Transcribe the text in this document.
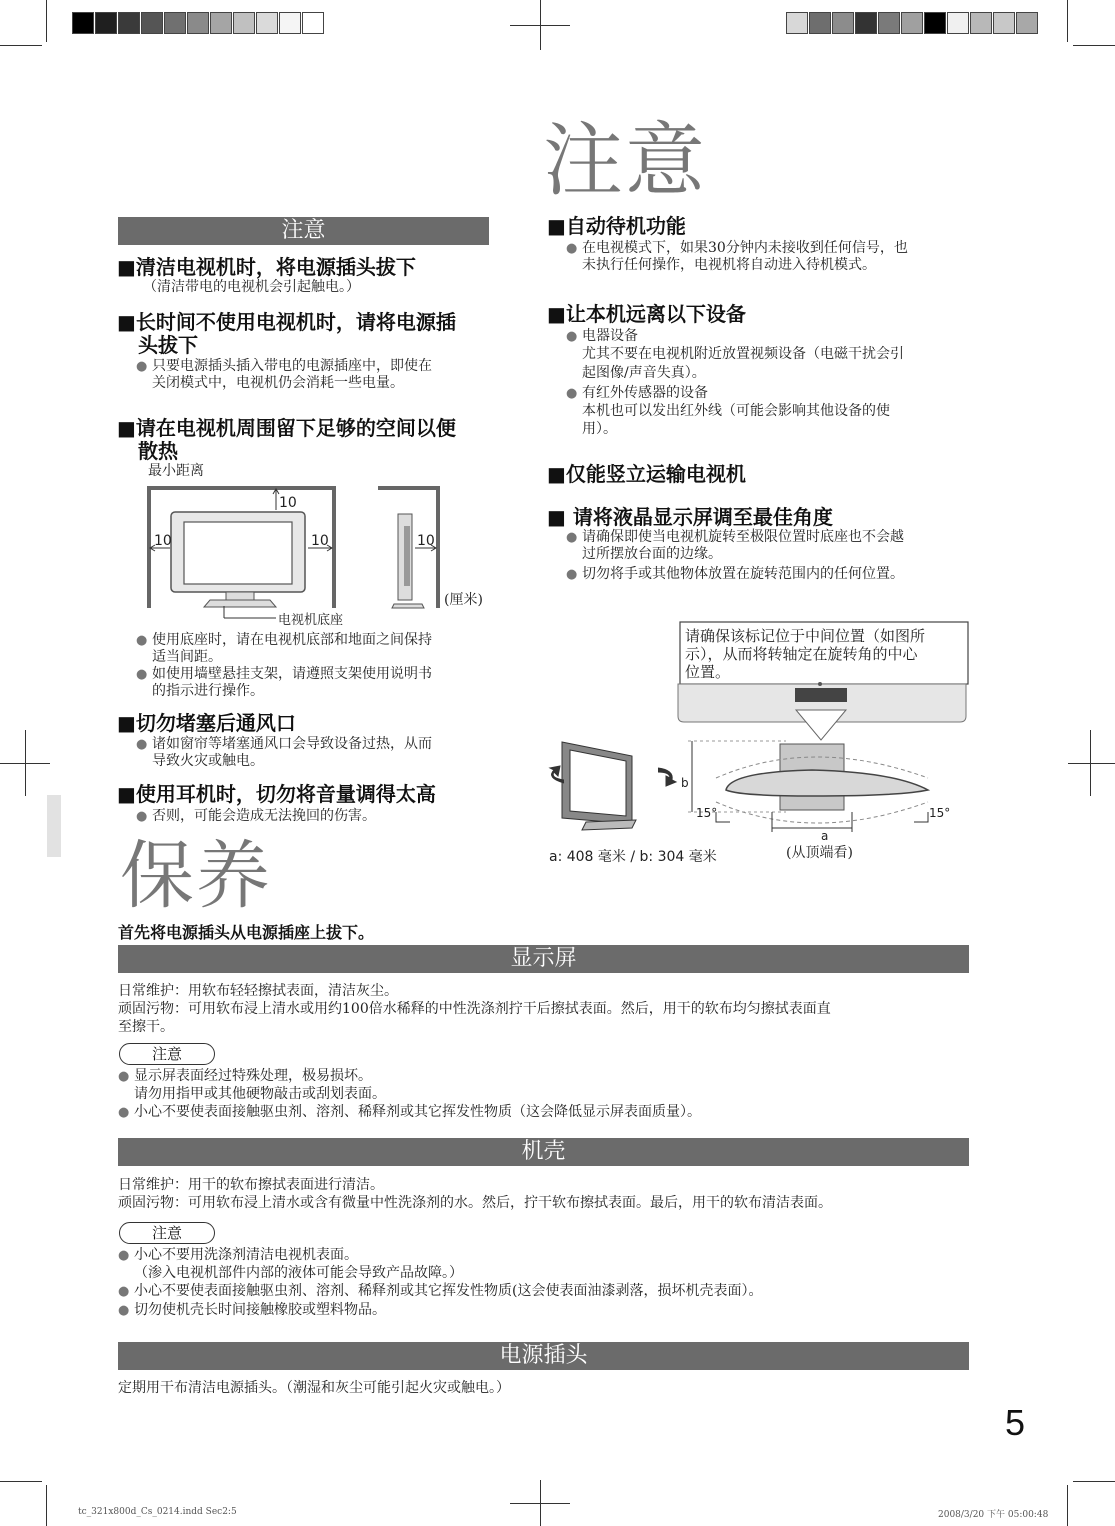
注意
注意
■清洁电视机时，将电源插头拔下
（清洁带电的电视机会引起触电。）
■长时间不使用电视机时，请将电源插
头拔下
● 只要电源插头插入带电的电源插座中，即使在
关闭模式中，电视机仍会消耗一些电量。
■请在电视机周围留下足够的空间以便
散热
最小距离
10
10	10	10
(厘米)
电视机底座
● 使用底座时，请在电视机底部和地面之间保持
适当间距。
● 如使用墙壁悬挂支架，请遵照支架使用说明书
的指示进行操作。
■切勿堵塞后通风口
● 诸如窗帘等堵塞通风口会导致设备过热，从而
导致火灾或触电。
■使用耳机时，切勿将音量调得太高
● 否则，可能会造成无法挽回的伤害。
■自动待机功能
● 在电视模式下，如果30分钟内未接收到任何信号，也
未执行任何操作，电视机将自动进入待机模式。
■让本机远离以下设备
● 电器设备
尤其不要在电视机附近放置视频设备（电磁干扰会引
起图像/声音失真）。
● 有红外传感器的设备
本机也可以发出红外线（可能会影响其他设备的使
用）。
■仅能竖立运输电视机
■ 请将液晶显示屏调至最佳角度
● 请确保即使当电视机旋转至极限位置时底座也不会越
过所摆放台面的边缘。
● 切勿将手或其他物体放置在旋转范围内的任何位置。
请确保该标记位于中间位置（如图所
示），从而将转轴定在旋转角的中心
位置。
15°	15°
a
b
a: 408 毫米 / b: 304 毫米	(从顶端看)
保养
首先将电源插头从电源插座上拔下。
显示屏
日常维护：用软布轻轻擦拭表面，清洁灰尘。
顽固污物：可用软布浸上清水或用约100倍水稀释的中性洗涤剂拧干后擦拭表面。然后，用干的软布均匀擦拭表面直
至擦干。
注意
● 显示屏表面经过特殊处理，极易损坏。
请勿用指甲或其他硬物敲击或刮划表面。
● 小心不要使表面接触驱虫剂、溶剂、稀释剂或其它挥发性物质（这会降低显示屏表面质量）。
机壳
日常维护：用干的软布擦拭表面进行清洁。
顽固污物：可用软布浸上清水或含有微量中性洗涤剂的水。然后，拧干软布擦拭表面。最后，用干的软布清洁表面。
注意
● 小心不要用洗涤剂清洁电视机表面。
（渗入电视机部件内部的液体可能会导致产品故障。）
● 小心不要使表面接触驱虫剂、溶剂、稀释剂或其它挥发性物质(这会使表面油漆剥落，损坏机壳表面）。
● 切勿使机壳长时间接触橡胶或塑料物品。
电源插头
定期用干布清洁电源插头。（潮湿和灰尘可能引起火灾或触电。）
5
tc_321x800d_Cs_0214.indd Sec2:5	2008/3/20 下午 05:00:48
